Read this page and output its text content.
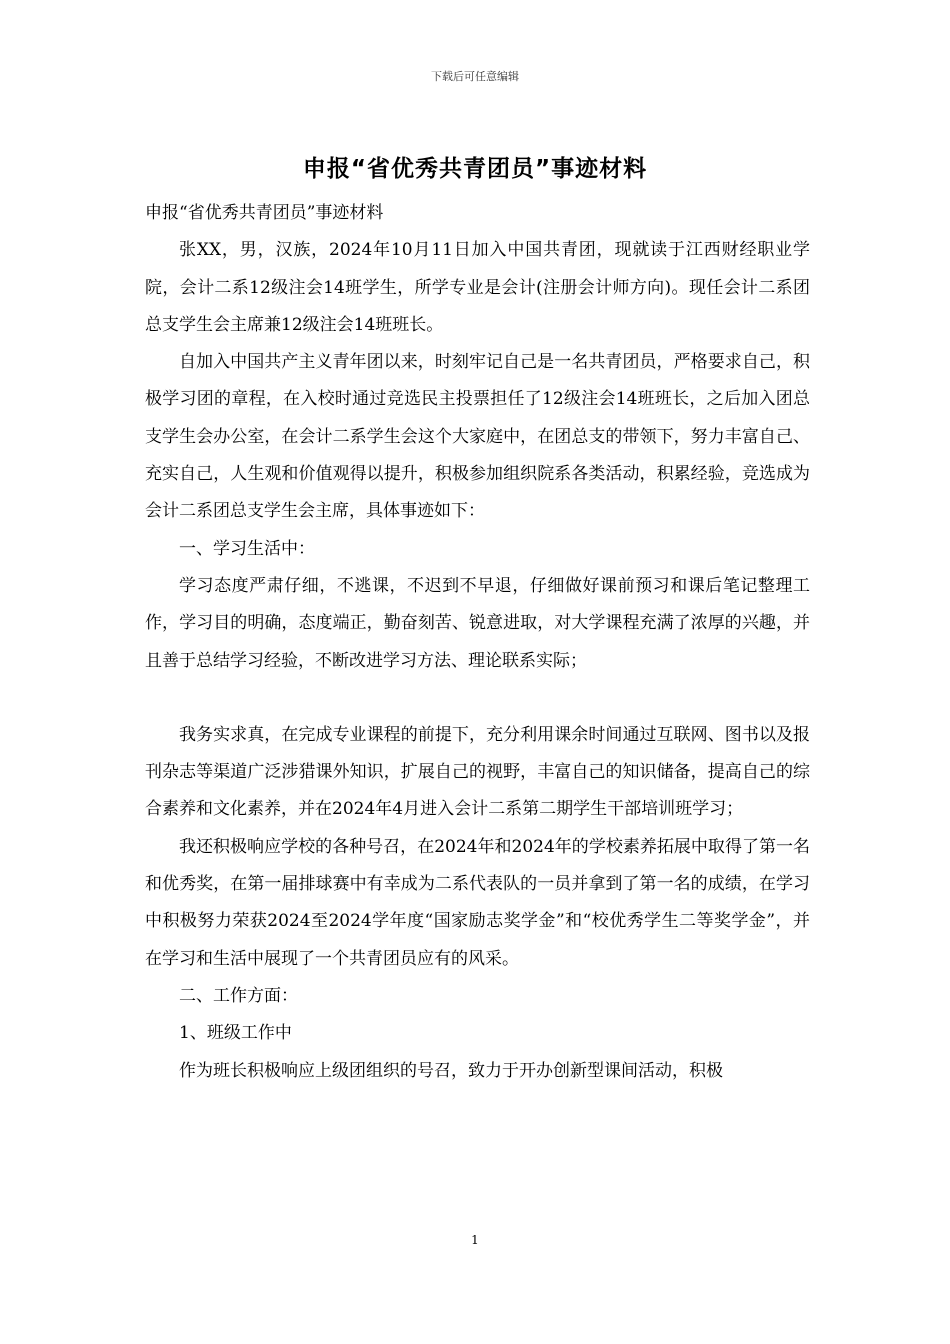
下载后可任意编辑
申报“省优秀共青团员”事迹材料

申报“省优秀共青团员”事迹材料

张XX，男，汉族，2024年10月11日加入中国共青团，现就读于江西财经职业学院，会计二系12级注会14班学生，所学专业是会计(注册会计师方向)。现任会计二系团总支学生会主席兼12级注会14班班长。

自加入中国共产主义青年团以来，时刻牢记自己是一名共青团员，严格要求自己，积极学习团的章程，在入校时通过竞选民主投票担任了12级注会14班班长，之后加入团总支学生会办公室，在会计二系学生会这个大家庭中，在团总支的带领下，努力丰富自己、充实自己，人生观和价值观得以提升，积极参加组织院系各类活动，积累经验，竞选成为会计二系团总支学生会主席，具体事迹如下：

一、学习生活中：

学习态度严肃仔细，不逃课，不迟到不早退，仔细做好课前预习和课后笔记整理工作，学习目的明确，态度端正，勤奋刻苦、锐意进取，对大学课程充满了浓厚的兴趣，并且善于总结学习经验，不断改进学习方法、理论联系实际；

我务实求真，在完成专业课程的前提下，充分利用课余时间通过互联网、图书以及报刊杂志等渠道广泛涉猎课外知识，扩展自己的视野，丰富自己的知识储备，提高自己的综合素养和文化素养，并在2024年4月进入会计二系第二期学生干部培训班学习；

我还积极响应学校的各种号召，在2024年和2024年的学校素养拓展中取得了第一名和优秀奖，在第一届排球赛中有幸成为二系代表队的一员并拿到了第一名的成绩，在学习中积极努力荣获2024至2024学年度“国家励志奖学金”和“校优秀学生二等奖学金”，并在学习和生活中展现了一个共青团员应有的风采。

二、工作方面：

1、班级工作中

作为班长积极响应上级团组织的号召，致力于开办创新型课间活动，积极

1
